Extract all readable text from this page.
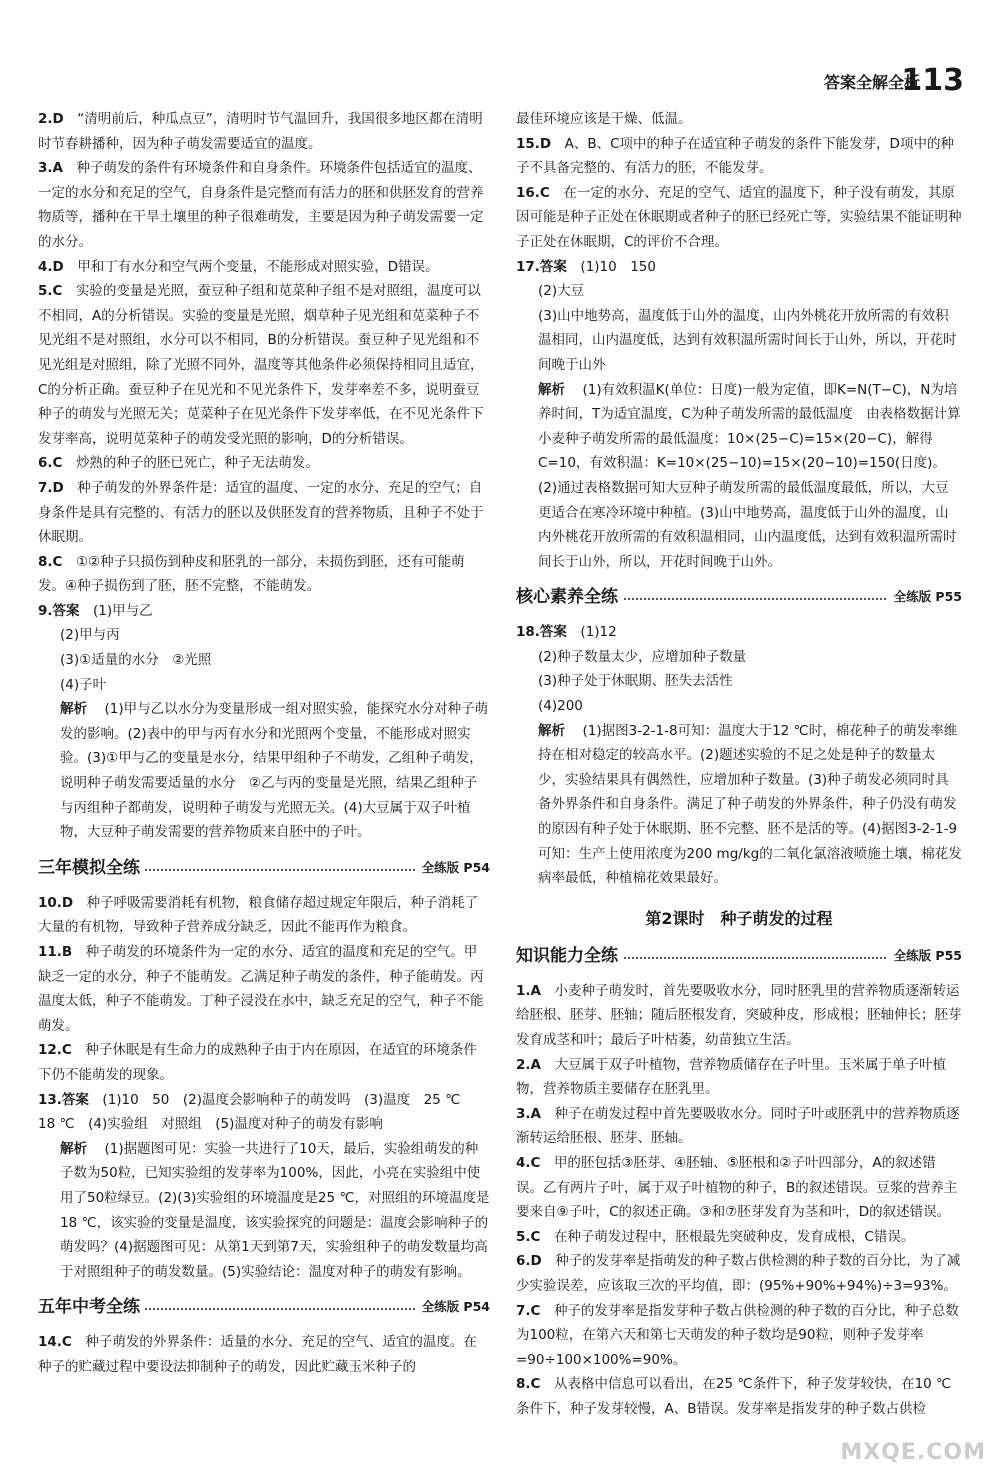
答案全解全析
113

2.D　 “清明前后，种瓜点豆”，清明时节气温回升，我国很多地区都在清明时节春耕播种，因为种子萌发需要适宜的温度。

3.A　 种子萌发的条件有环境条件和自身条件。环境条件包括适宜的温度、一定的水分和充足的空气，自身条件是完整而有活力的胚和供胚发育的营养物质等，播种在干旱土壤里的种子很难萌发，主要是因为种子萌发需要一定的水分。

4.D　 甲和丁有水分和空气两个变量，不能形成对照实验，D错误。

5.C　 实验的变量是光照，蚕豆种子组和苋菜种子组不是对照组，温度可以不相同，A的分析错误。实验的变量是光照，烟草种子见光组和苋菜种子不见光组不是对照组，水分可以不相同，B的分析错误。蚕豆种子见光组和不见光组是对照组，除了光照不同外，温度等其他条件必须保持相同且适宜，C的分析正确。蚕豆种子在见光和不见光条件下，发芽率差不多，说明蚕豆种子的萌发与光照无关；苋菜种子在见光条件下发芽率低，在不见光条件下发芽率高，说明苋菜种子的萌发受光照的影响，D的分析错误。

6.C　 炒熟的种子的胚已死亡，种子无法萌发。

7.D　 种子萌发的外界条件是：适宜的温度、一定的水分、充足的空气；自身条件是具有完整的、有活力的胚以及供胚发育的营养物质，且种子不处于休眠期。

8.C　 ①②种子只损伤到种皮和胚乳的一部分，未损伤到胚，还有可能萌发。④种子损伤到了胚，胚不完整，不能萌发。

9.答案　 (1)甲与乙

(2)甲与丙

(3)①适量的水分　②光照

(4)子叶

解析　 (1)甲与乙以水分为变量形成一组对照实验，能探究水分对种子萌发的影响。(2)表中的甲与丙有水分和光照两个变量，不能形成对照实验。(3)①甲与乙的变量是水分，结果甲组种子不萌发，乙组种子萌发，说明种子萌发需要适量的水分　②乙与丙的变量是光照，结果乙组种子与丙组种子都萌发，说明种子萌发与光照无关。(4)大豆属于双子叶植物，大豆种子萌发需要的营养物质来自胚中的子叶。

三年模拟全练	全练版 P54

10.D　 种子呼吸需要消耗有机物，粮食储存超过规定年限后，种子消耗了大量的有机物，导致种子营养成分缺乏，因此不能再作为粮食。

11.B　 种子萌发的环境条件为一定的水分、适宜的温度和充足的空气。甲缺乏一定的水分，种子不能萌发。乙满足种子萌发的条件，种子能萌发。丙温度太低，种子不能萌发。丁种子浸没在水中，缺乏充足的空气，种子不能萌发。

12.C　 种子休眠是有生命力的成熟种子由于内在原因，在适宜的环境条件下仍不能萌发的现象。

13.答案　 (1)10　50　(2)温度会影响种子的萌发吗　(3)温度　25 ℃　18 ℃　(4)实验组　对照组　(5)温度对种子的萌发有影响

解析　 (1)据题图可见：实验一共进行了10天，最后，实验组萌发的种子数为50粒，已知实验组的发芽率为100%，因此，小亮在实验组中使用了50粒绿豆。(2)(3)实验组的环境温度是25 ℃，对照组的环境温度是18 ℃，该实验的变量是温度，该实验探究的问题是：温度会影响种子的萌发吗？(4)据题图可见：从第1天到第7天，实验组种子的萌发数量均高于对照组种子的萌发数量。(5)实验结论：温度对种子的萌发有影响。

五年中考全练	全练版 P54

14.C　 种子萌发的外界条件：适量的水分、充足的空气、适宜的温度。在种子的贮藏过程中要设法抑制种子的萌发，因此贮藏玉米种子的

最佳环境应该是干燥、低温。

15.D　 A、B、C项中的种子在适宜种子萌发的条件下能发芽，D项中的种子不具备完整的、有活力的胚，不能发芽。

16.C　 在一定的水分、充足的空气、适宜的温度下，种子没有萌发，其原因可能是种子正处在休眠期或者种子的胚已经死亡等，实验结果不能证明种子正处在休眠期，C的评价不合理。

17.答案　 (1)10　150

(2)大豆

(3)山中地势高，温度低于山外的温度，山内外桃花开放所需的有效积温相同，山内温度低，达到有效积温所需时间长于山外，所以，开花时间晚于山外

解析　 (1)有效积温K(单位：日度)一般为定值，即K=N(T−C)，N为培养时间，T为适宜温度，C为种子萌发所需的最低温度　由表格数据计算小麦种子萌发所需的最低温度：10×(25−C)=15×(20−C)，解得C=10，有效积温：K=10×(25−10)=15×(20−10)=150(日度)。(2)通过表格数据可知大豆种子萌发所需的最低温度最低，所以，大豆更适合在寒冷环境中种植。(3)山中地势高，温度低于山外的温度，山内外桃花开放所需的有效积温相同，山内温度低，达到有效积温所需时间长于山外，所以，开花时间晚于山外。

核心素养全练	全练版 P55

18.答案　 (1)12

(2)种子数量太少，应增加种子数量

(3)种子处于休眠期、胚失去活性

(4)200

解析　 (1)据图3-2-1-8可知：温度大于12 ℃时，棉花种子的萌发率维持在相对稳定的较高水平。(2)题述实验的不足之处是种子的数量太少，实验结果具有偶然性，应增加种子数量。(3)种子萌发必须同时具备外界条件和自身条件。满足了种子萌发的外界条件，种子仍没有萌发的原因有种子处于休眠期、胚不完整、胚不是活的等。(4)据图3-2-1-9可知：生产上使用浓度为200 mg/kg的二氧化氯溶液喷施土壤，棉花发病率最低，种植棉花效果最好。

第2课时　种子萌发的过程
知识能力全练	全练版 P55

1.A　 小麦种子萌发时，首先要吸收水分，同时胚乳里的营养物质逐渐转运给胚根、胚芽、胚轴；随后胚根发育，突破种皮，形成根；胚轴伸长；胚芽发育成茎和叶；最后子叶枯萎，幼苗独立生活。

2.A　 大豆属于双子叶植物，营养物质储存在子叶里。玉米属于单子叶植物，营养物质主要储存在胚乳里。

3.A　 种子在萌发过程中首先要吸收水分。同时子叶或胚乳中的营养物质逐渐转运给胚根、胚芽、胚轴。

4.C　 甲的胚包括③胚芽、④胚轴、⑤胚根和②子叶四部分，A的叙述错误。乙有两片子叶，属于双子叶植物的种子，B的叙述错误。豆浆的营养主要来自⑨子叶，C的叙述正确。③和⑦胚芽发育为茎和叶，D的叙述错误。

5.C　 在种子萌发过程中，胚根最先突破种皮，发育成根，C错误。

6.D　 种子的发芽率是指萌发的种子数占供检测的种子数的百分比，为了减少实验误差，应该取三次的平均值，即：(95%+90%+94%)÷3=93%。

7.C　 种子的发芽率是指发芽种子数占供检测的种子数的百分比，种子总数为100粒，在第六天和第七天萌发的种子数均是90粒，则种子发芽率=90÷100×100%=90%。

8.C　 从表格中信息可以看出，在25 ℃条件下，种子发芽较快，在10 ℃条件下，种子发芽较慢，A、B错误。发芽率是指发芽的种子数占供检

MXQE.COM
